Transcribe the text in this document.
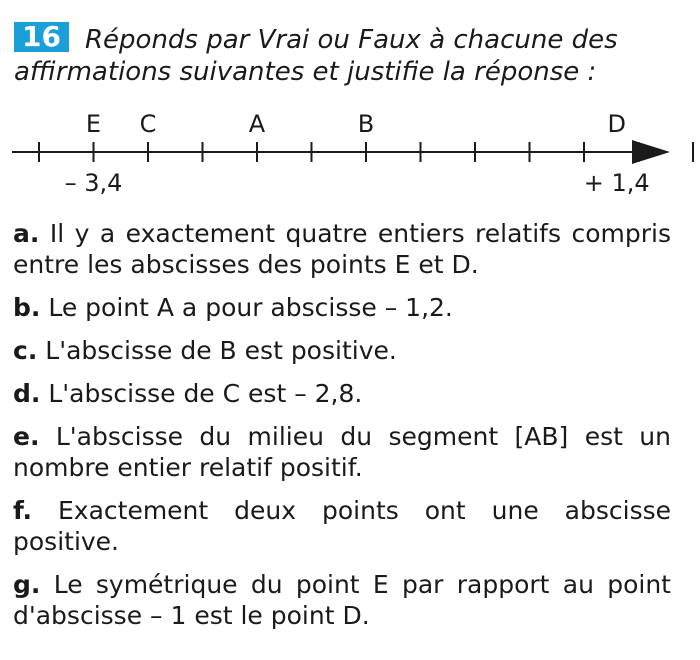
16 Réponds par Vrai ou Faux à chacune des
affirmations suivantes et justifie la réponse :
E C	A	B	D
– 3,4	+ 1,4

a. Il y a exactement quatre entiers relatifs compris entre les abscisses des points E et D.

b. Le point A a pour abscisse – 1,2.

c. L'abscisse de B est positive.

d. L'abscisse de C est – 2,8.

e. L'abscisse du milieu du segment [AB] est un nombre entier relatif positif.

f. Exactement deux points ont une abscisse positive.

g. Le symétrique du point E par rapport au point d'abscisse – 1 est le point D.
